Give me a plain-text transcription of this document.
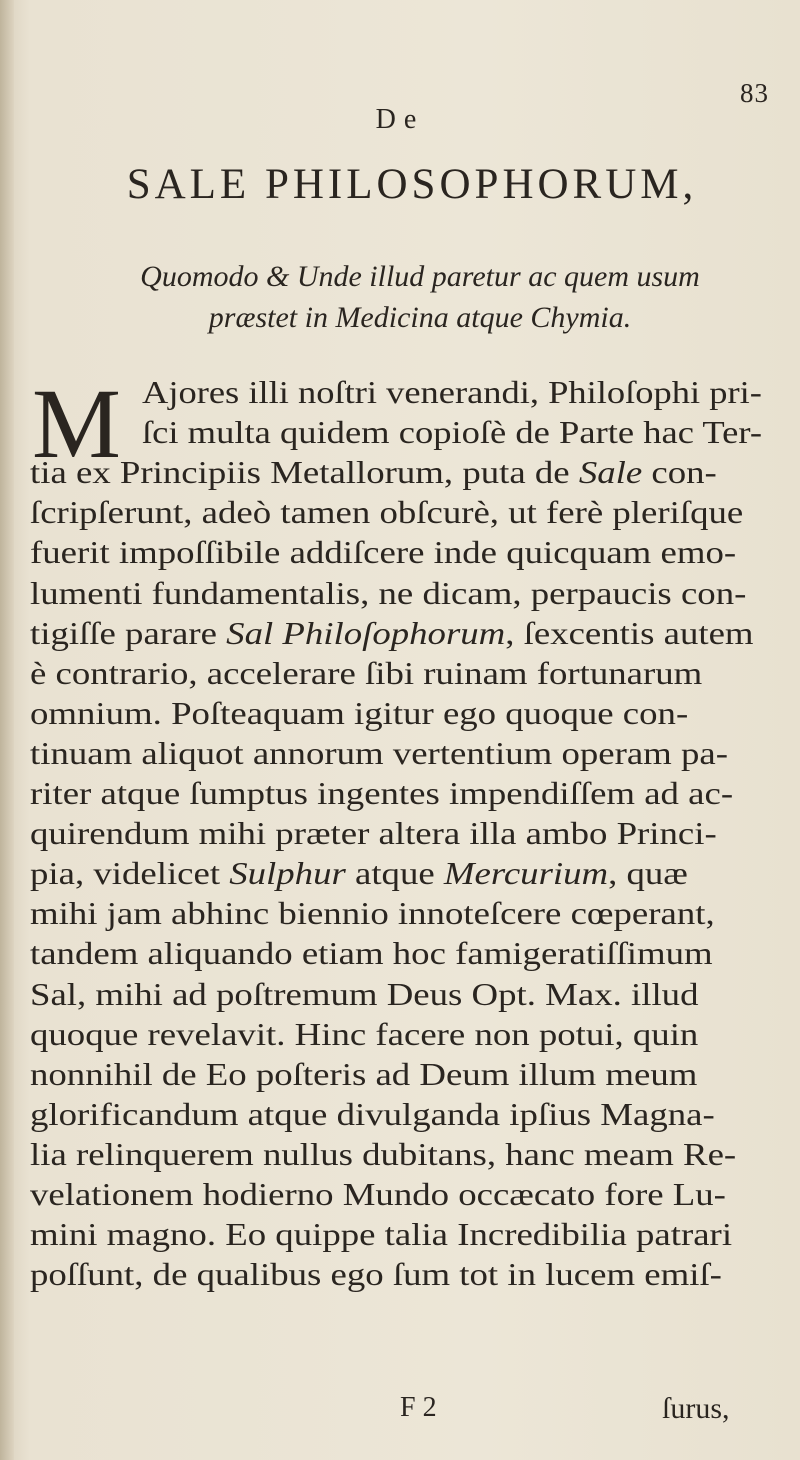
83
De
SALE PHILOSOPHORUM,
Quomodo & Unde illud paretur ac quem usum
præstet in Medicina atque Chymia.
M Ajores illi noſtri venerandi, Philoſophi pri-
ſci multa quidem copioſè de Parte hac Ter-
tia ex Principiis Metallorum, puta de Sale con-
ſcripſerunt, adeò tamen obſcurè, ut ferè pleriſque
fuerit impoſſibile addiſcere inde quicquam emo-
lumenti fundamentalis, ne dicam, perpaucis con-
tigiſſe parare Sal Philoſophorum, ſexcentis autem
è contrario, accelerare ſibi ruinam fortunarum
omnium. Poſteaquam igitur ego quoque con-
tinuam aliquot annorum vertentium operam pa-
riter atque ſumptus ingentes impendiſſem ad ac-
quirendum mihi præter altera illa ambo Princi-
pia, videlicet Sulphur atque Mercurium, quæ
mihi jam abhinc biennio innoteſcere cœperant,
tandem aliquando etiam hoc famigeratiſſimum
Sal, mihi ad poſtremum Deus Opt. Max. illud
quoque revelavit. Hinc facere non potui, quin
nonnihil de Eo poſteris ad Deum illum meum
glorificandum atque divulganda ipſius Magna-
lia relinquerem nullus dubitans, hanc meam Re-
velationem hodierno Mundo occæcato fore Lu-
mini magno. Eo quippe talia Incredibilia patrari
poſſunt, de qualibus ego ſum tot in lucem emiſ-
F 2	ſurus,
